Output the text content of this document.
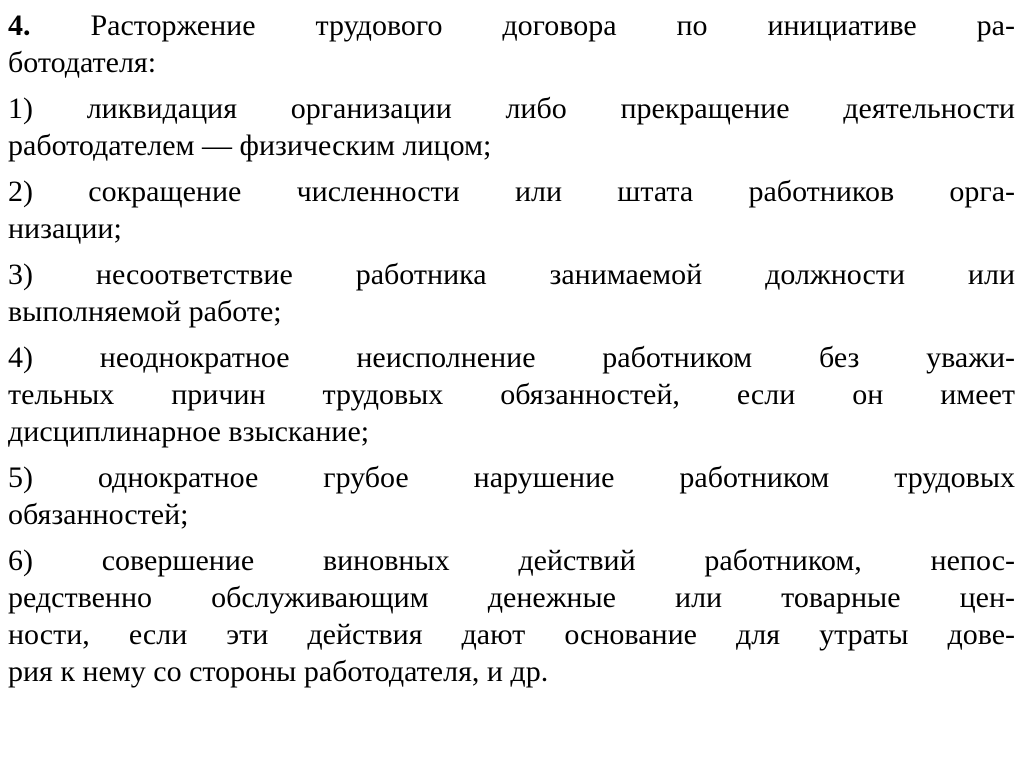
4. Расторжение трудового договора по инициативе ра-
ботодателя:
1) ликвидация организации либо прекращение деятельности
работодателем — физическим лицом;
2) сокращение численности или штата работников орга-
низации;
3) несоответствие работника занимаемой должности или
выполняемой работе;
4) неоднократное неисполнение работником без уважи-
тельных причин трудовых обязанностей, если он имеет
дисциплинарное взыскание;
5) однократное грубое нарушение работником трудовых
обязанностей;
6) совершение виновных действий работником, непос-
редственно обслуживающим денежные или товарные цен-
ности, если эти действия дают основание для утраты дове-
рия к нему со стороны работодателя, и др.
